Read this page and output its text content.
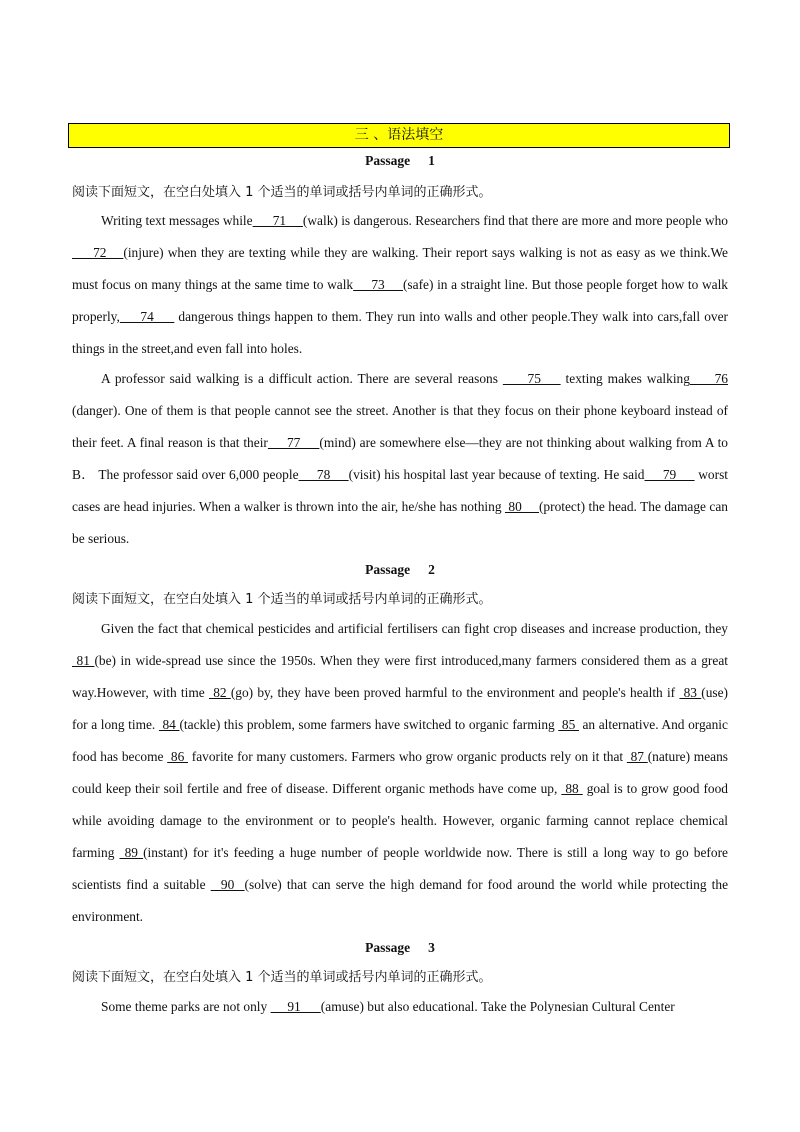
三 、语法填空
Passage 1
阅读下面短文，在空白处填入 1 个适当的单词或括号内单词的正确形式。
Writing text messages while      71     (walk) is dangerous. Researchers find that there are more and more people who     72    (injure) when they are texting while they are walking. Their report says walking is not as easy as we think.We must focus on many things at the same time to walk     73     (safe) in a straight line. But those people forget how to walk properly,     74      dangerous things happen to them. They run into walls and other people.They walk into cars,fall over things in the street,and even fall into holes.
A professor said walking is a difficult action. There are several reasons      75     texting makes walking     76 (danger). One of them is that people cannot see the street. Another is that they focus on their phone keyboard instead of their feet. A final reason is that their     77     (mind) are somewhere else—they are not thinking about walking from A to B． The professor said over 6,000 people     78     (visit) his hospital last year because of texting. He said     79      worst cases are head injuries. When a walker is thrown into the air, he/she has nothing  80     (protect) the head. The damage can be serious.
Passage 2
阅读下面短文，在空白处填入 1 个适当的单词或括号内单词的正确形式。
Given the fact that chemical pesticides and artificial fertilisers can fight crop diseases and increase production, they 81 (be) in wide-spread use since the 1950s. When they were first introduced,many farmers considered them as a great way.However, with time  82 (go) by, they have been proved harmful to the environment and people's health if  83 (use) for a long time.  84 (tackle) this problem, some farmers have switched to organic farming  85  an alternative. And organic food has become  86  favorite for many customers. Farmers who grow organic products rely on it that  87 (nature) means could keep their soil fertile and free of disease. Different organic methods have come up,  88  goal is to grow good food while avoiding damage to the environment or to people's health. However, organic farming cannot replace chemical farming  89 (instant) for it's feeding a huge number of people worldwide now. There is still a long way to go before scientists find a suitable   90  (solve) that can serve the high demand for food around the world while protecting the environment.
Passage 3
阅读下面短文，在空白处填入 1 个适当的单词或括号内单词的正确形式。
Some theme parks are not only      91      (amuse) but also educational. Take the Polynesian Cultural Center
